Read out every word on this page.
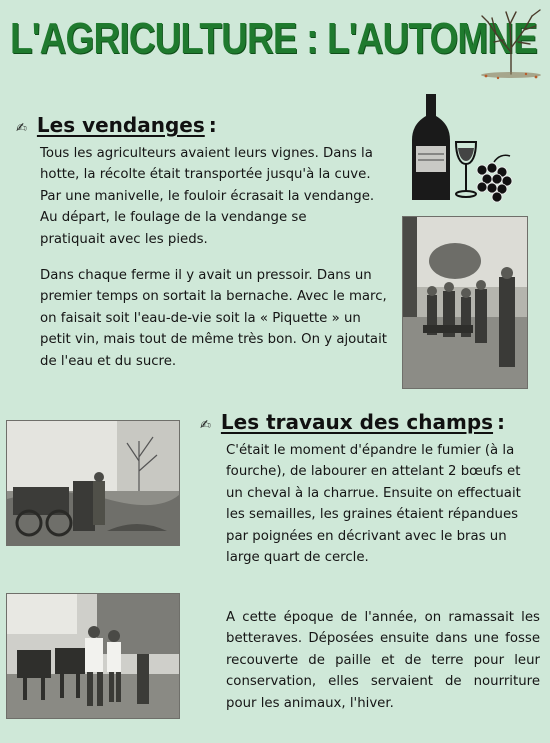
L'AGRICULTURE : L'AUTOMNE
✍ Les vendanges :

Tous les agriculteurs avaient leurs vignes. Dans la hotte, la récolte était transportée jusqu'à la cuve. Par une manivelle, le fouloir écrasait la vendange. Au départ, le foulage de la vendange se pratiquait avec les pieds.

Dans chaque ferme il y avait un pressoir. Dans un premier temps on sortait la bernache. Avec le marc, on faisait soit l'eau-de-vie soit la « Piquette » un petit vin, mais tout de même très bon. On y ajoutait de l'eau et du sucre.

✍ Les travaux des champs :

C'était le moment d'épandre le fumier (à la fourche), de labourer en attelant 2 bœufs et un cheval à la charrue. Ensuite on effectuait les semailles, les graines étaient répandues par poignées en décrivant avec le bras un large quart de cercle.

A cette époque de l'année, on ramassait les betteraves. Déposées ensuite dans une fosse recouverte de paille et de terre pour leur conservation, elles servaient de nourriture pour les animaux, l'hiver.
